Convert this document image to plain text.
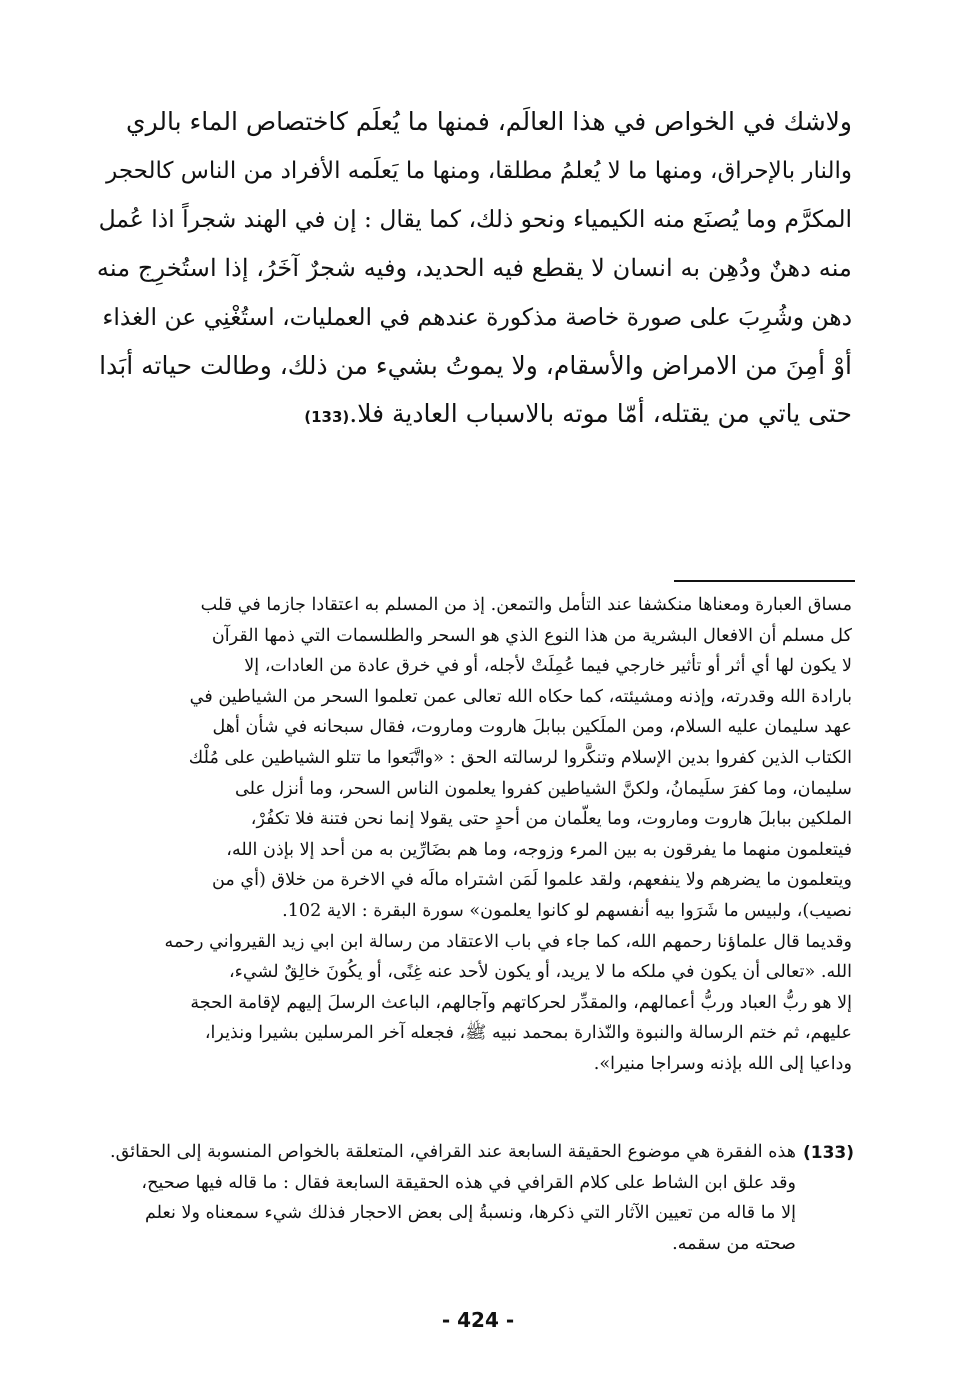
ولاشك في الخواص في هذا العالَم، فمنها ما يُعلَم كاختصاص الماء بالري
والنار بالإحراق، ومنها ما لا يُعلمُ مطلقا، ومنها ما يَعلَمه الأفراد من الناس كالحجر
المكرَّم وما يُصنَع منه الكيمياء ونحو ذلك، كما يقال : إن في الهند شجراً اذا عُمل
منه دهنٌ ودُهِن به انسان لا يقطع فيه الحديد، وفيه شجرٌ آخَرُ، إذا استُخرِج منه
دهن وشُرِبَ على صورة خاصة مذكورة عندهم في العمليات، استُغْنِي عن الغذاء
أوْ أمِنَ من الامراض والأسقام، ولا يموتُ بشيء من ذلك، وطالت حياته أبَدا
حتى ياتي من يقتله، أمّا موته بالاسباب العادية فلا.(133)
مساق العبارة ومعناها منكشفا عند التأمل والتمعن. إذ من المسلم به اعتقادا جازما في قلب
كل مسلم أن الافعال البشرية من هذا النوع الذي هو السحر والطلسمات التي ذمها القرآن
لا يكون لها أي أثر أو تأثير خارجي فيما عُمِلَتْ لأجله، أو في خرق عادة من العادات، إلا
بارادة الله وقدرته، وإذنه ومشيئته، كما حكاه الله تعالى عمن تعلموا السحر من الشياطين في
عهد سليمان عليه السلام، ومن الملَكين ببابلَ هاروت وماروت، فقال سبحانه في شأن أهل
الكتاب الذين كفروا بدين الإسلام وتنكَّروا لرسالته الحق : «واتَّبَعوا ما تتلو الشياطين على مُلْك
سليمان، وما كفرَ سلَيمانُ، ولكنَّ الشياطين كفروا يعلمون الناس السحر، وما أنزل على
الملكين ببابلَ هاروت وماروت، وما يعلّمان من أحدٍ حتى يقولا إنما نحن فتنة فلا تكفُرْ،
فيتعلمون منهما ما يفرقون به بين المرء وزوجه، وما هم بضَارِّين به من أحد إلا بإذن الله،
ويتعلمون ما يضرهم ولا ينفعهم، ولقد علموا لَمَن اشتراه مالَه في الاخرة من خلاق (أي من
نصيب)، ولبيس ما شَرَوا بيه أنفسهم لو كانوا يعلمون» سورة البقرة : الاية 102.
وقديما قال علماؤنا رحمهم الله، كما جاء في باب الاعتقاد من رسالة ابن ابي زيد القيرواني رحمه
الله. «تعالى أن يكون في ملكه ما لا يريد، أو يكون لأحد عنه غِنًى، أو يكُونَ خالِقٌ لشيء،
إلا هو ربُّ العباد وربُّ أعمالهم، والمقدِّر لحركاتهم وآجالهم، الباعث الرسلَ إليهم لإقامة الحجة
عليهم، ثم ختم الرسالة والنبوة والنّذارة بمحمد نبيه ﷺ، فجعله آخر المرسلين بشيرا ونذيرا،
وداعيا إلى الله بإذنه وسراجا منيرا».
(133)
هذه الفقرة هي موضوع الحقيقة السابعة عند القرافي، المتعلقة بالخواص المنسوبة إلى الحقائق.
وقد علق ابن الشاط على كلام القرافي في هذه الحقيقة السابعة فقال : ما قاله فيها صحيح،
إلا ما قاله من تعيين الآثار التي ذكرها، ونسبةُ إلى بعض الاحجار فذلك شيء سمعناه ولا نعلم
صحته من سقمه.
- 424 -
